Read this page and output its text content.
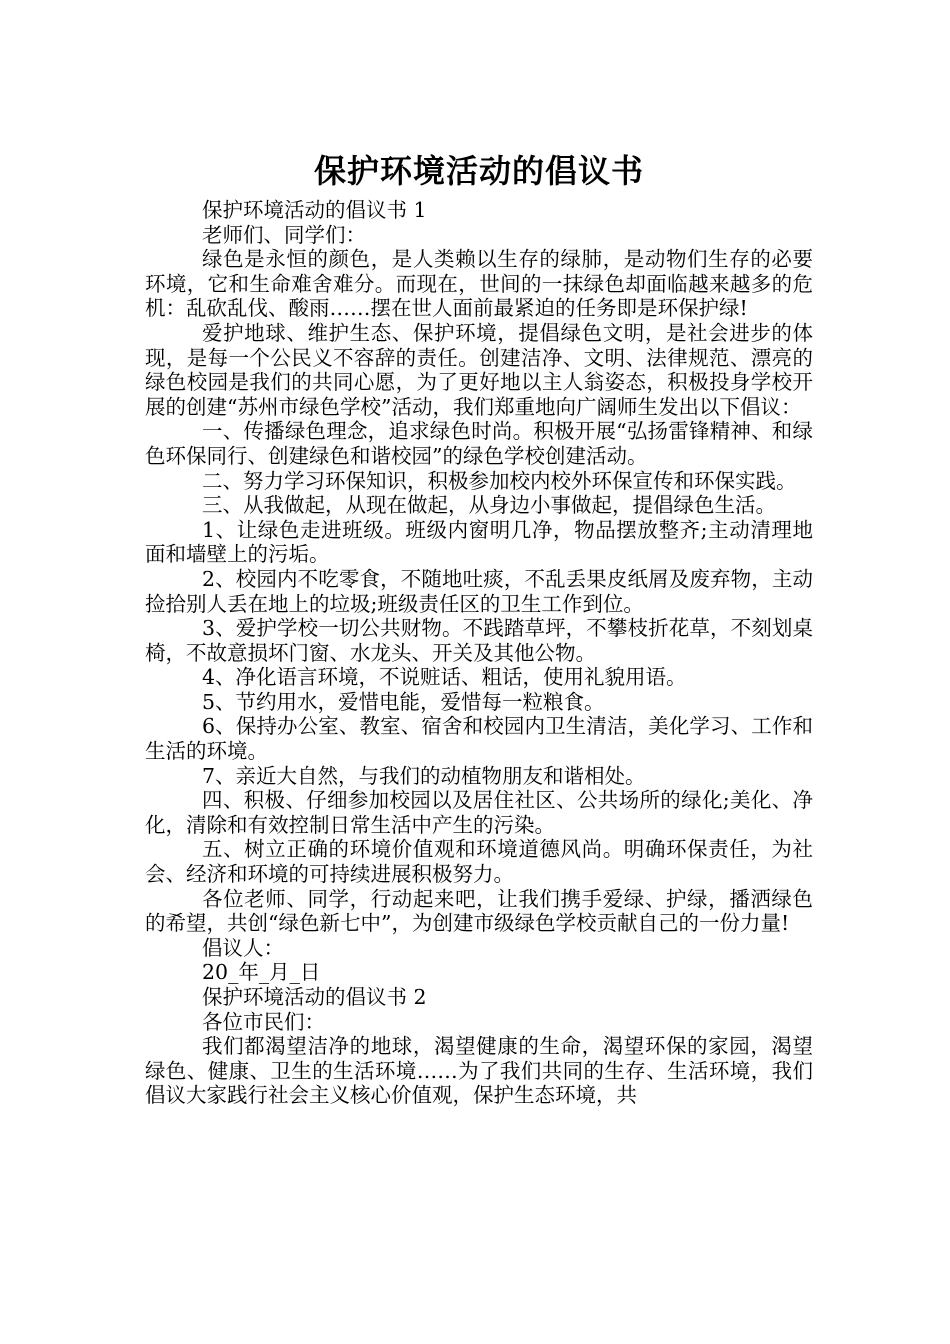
保护环境活动的倡议书

保护环境活动的倡议书 1

老师们、同学们：

绿色是永恒的颜色，是人类赖以生存的绿肺，是动物们生存的必要环境，它和生命难舍难分。而现在，世间的一抹绿色却面临越来越多的危机：乱砍乱伐、酸雨……摆在世人面前最紧迫的任务即是环保护绿!

爱护地球、维护生态、保护环境，提倡绿色文明，是社会进步的体现，是每一个公民义不容辞的责任。创建洁净、文明、法律规范、漂亮的绿色校园是我们的共同心愿，为了更好地以主人翁姿态，积极投身学校开展的创建“苏州市绿色学校”活动，我们郑重地向广阔师生发出以下倡议：

一、传播绿色理念，追求绿色时尚。积极开展“弘扬雷锋精神、和绿色环保同行、创建绿色和谐校园”的绿色学校创建活动。

二、努力学习环保知识，积极参加校内校外环保宣传和环保实践。

三、从我做起，从现在做起，从身边小事做起，提倡绿色生活。

1、让绿色走进班级。班级内窗明几净，物品摆放整齐;主动清理地面和墙壁上的污垢。

2、校园内不吃零食，不随地吐痰，不乱丢果皮纸屑及废弃物，主动捡拾别人丢在地上的垃圾;班级责任区的卫生工作到位。

3、爱护学校一切公共财物。不践踏草坪，不攀枝折花草，不刻划桌椅，不故意损坏门窗、水龙头、开关及其他公物。

4、净化语言环境，不说赃话、粗话，使用礼貌用语。

5、节约用水，爱惜电能，爱惜每一粒粮食。

6、保持办公室、教室、宿舍和校园内卫生清洁，美化学习、工作和生活的环境。

7、亲近大自然，与我们的动植物朋友和谐相处。

四、积极、仔细参加校园以及居住社区、公共场所的绿化;美化、净化，清除和有效控制日常生活中产生的污染。

五、树立正确的环境价值观和环境道德风尚。明确环保责任，为社会、经济和环境的可持续进展积极努力。

各位老师、同学，行动起来吧，让我们携手爱绿、护绿，播洒绿色的希望，共创“绿色新七中”，为创建市级绿色学校贡献自己的一份力量!

倡议人：

20_年_月_日

保护环境活动的倡议书 2

各位市民们：

我们都渴望洁净的地球，渴望健康的生命，渴望环保的家园，渴望绿色、健康、卫生的生活环境……为了我们共同的生存、生活环境，我们倡议大家践行社会主义核心价值观，保护生态环境，共
